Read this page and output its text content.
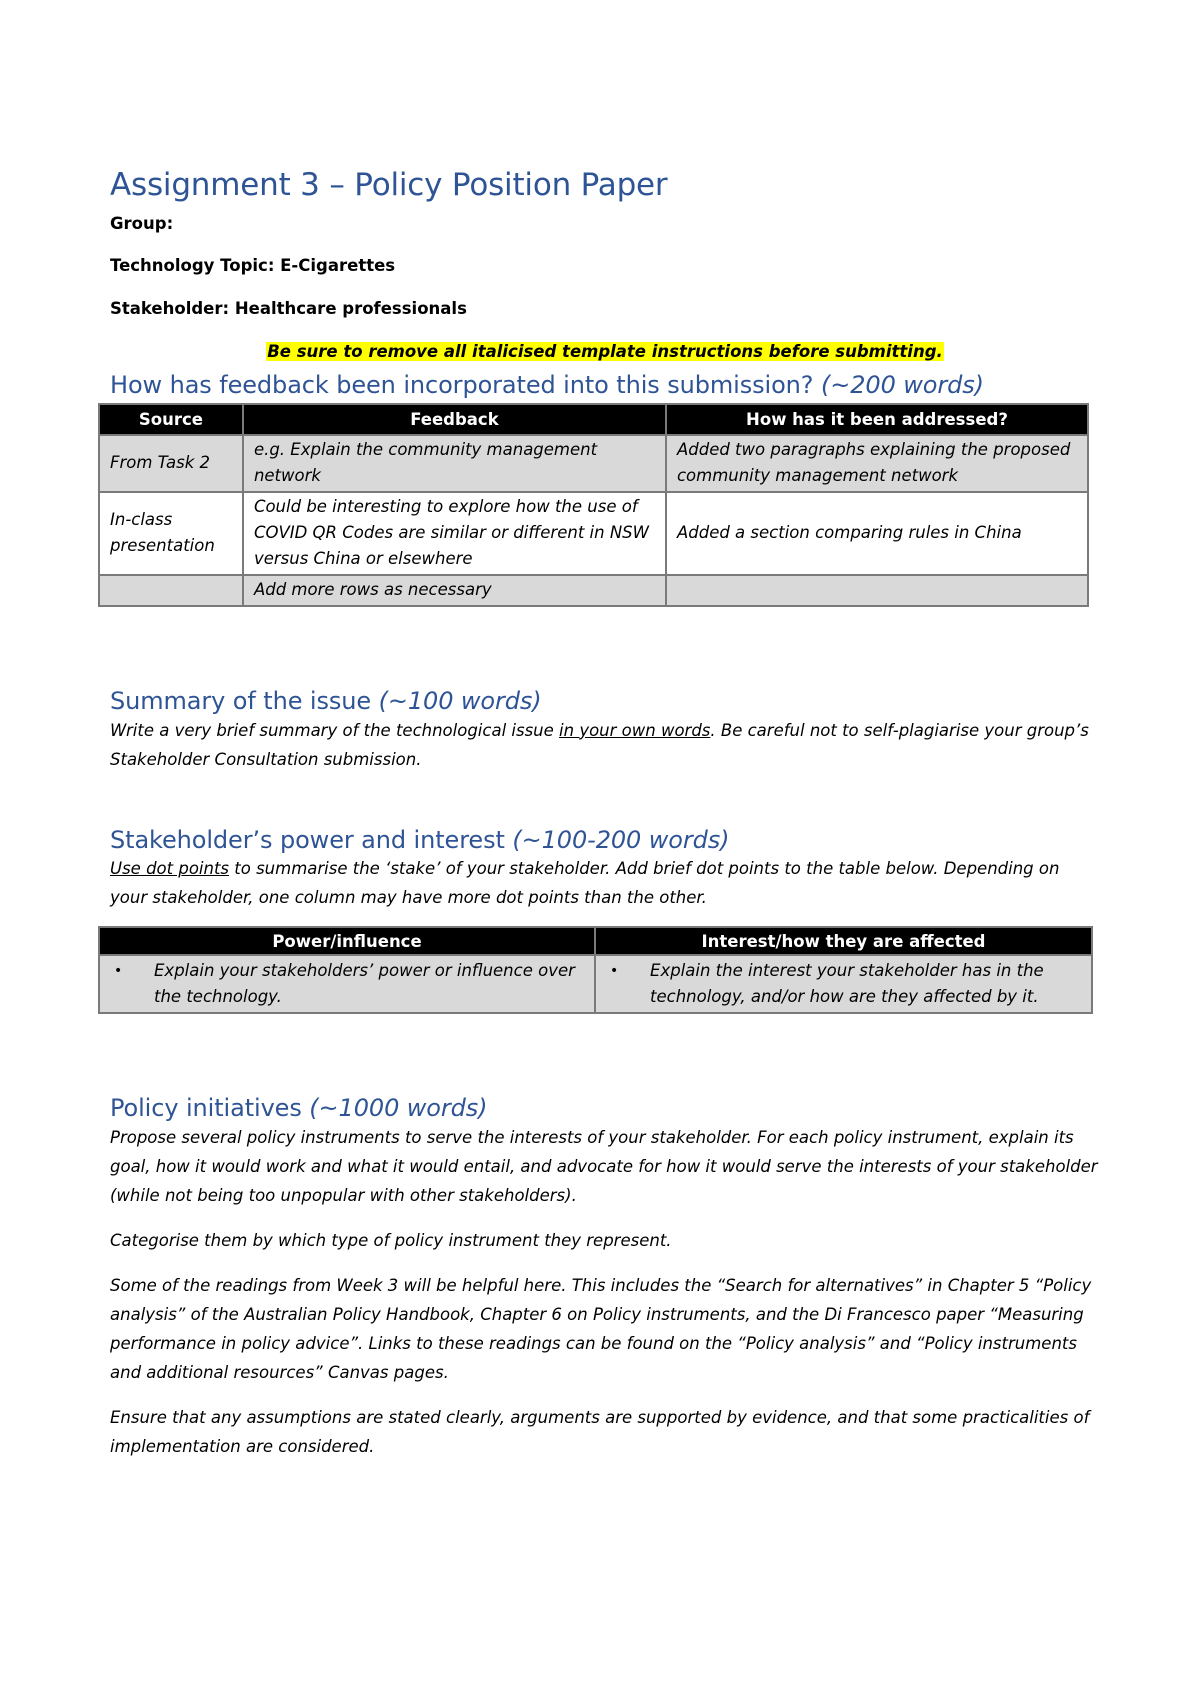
Assignment 3 – Policy Position Paper

Group:

Technology Topic: E-Cigarettes

Stakeholder: Healthcare professionals

Be sure to remove all italicised template instructions before submitting.
How has feedback been incorporated into this submission? (~200 words)
Source	Feedback	How has it been addressed?
From Task 2	e.g. Explain the community management network	Added two paragraphs explaining the proposed community management network
In-class presentation	Could be interesting to explore how the use of COVID QR Codes are similar or different in NSW versus China or elsewhere	Added a section comparing rules in China
	Add more rows as necessary	
Summary of the issue (~100 words)

Write a very brief summary of the technological issue in your own words. Be careful not to self-plagiarise your group’s Stakeholder Consultation submission.

Stakeholder’s power and interest (~100-200 words)

Use dot points to summarise the ‘stake’ of your stakeholder. Add brief dot points to the table below. Depending on your stakeholder, one column may have more dot points than the other.

Power/influence	Interest/how they are affected

• Explain your stakeholders’ power or influence over the technology.	• Explain the interest your stakeholder has in the technology, and/or how are they affected by it.
Policy initiatives (~1000 words)

Propose several policy instruments to serve the interests of your stakeholder. For each policy instrument, explain its goal, how it would work and what it would entail, and advocate for how it would serve the interests of your stakeholder (while not being too unpopular with other stakeholders).

Categorise them by which type of policy instrument they represent.

Some of the readings from Week 3 will be helpful here. This includes the “Search for alternatives” in Chapter 5 “Policy analysis” of the Australian Policy Handbook, Chapter 6 on Policy instruments, and the Di Francesco paper “Measuring performance in policy advice”. Links to these readings can be found on the “Policy analysis” and “Policy instruments and additional resources” Canvas pages.

Ensure that any assumptions are stated clearly, arguments are supported by evidence, and that some practicalities of implementation are considered.
